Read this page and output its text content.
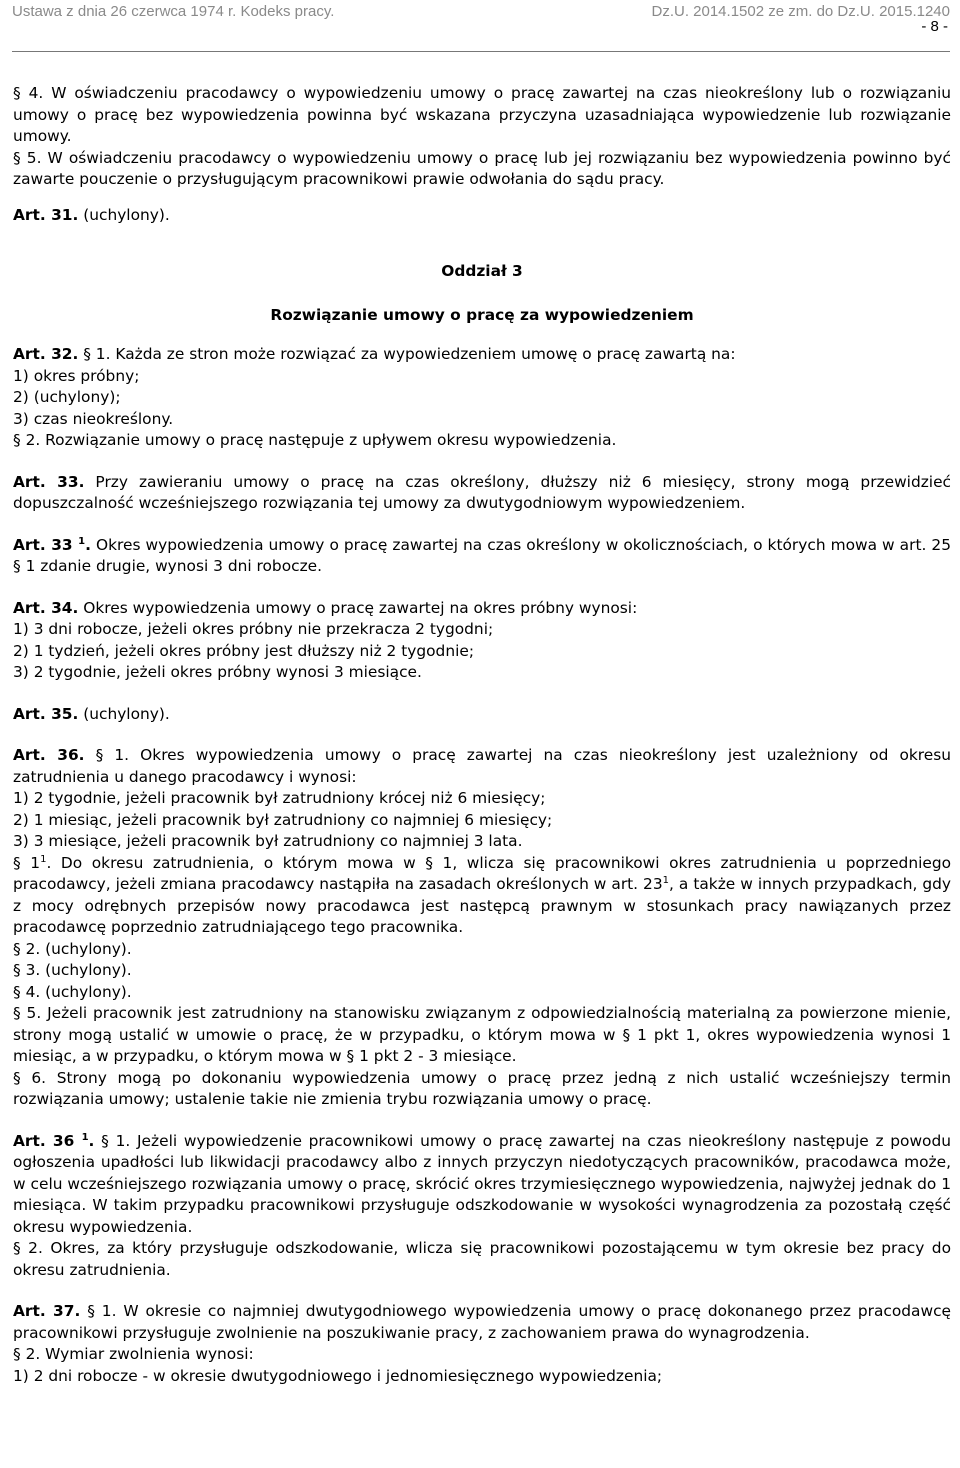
Ustawa z dnia 26 czerwca 1974 r. Kodeks pracy.	Dz.U. 2014.1502 ze zm. do Dz.U. 2015.1240
- 8 -

§ 4. W oświadczeniu pracodawcy o wypowiedzeniu umowy o pracę zawartej na czas nieokreślony lub o rozwiązaniu umowy o pracę bez wypowiedzenia powinna być wskazana przyczyna uzasadniająca wypowiedzenie lub rozwiązanie umowy.

§ 5. W oświadczeniu pracodawcy o wypowiedzeniu umowy o pracę lub jej rozwiązaniu bez wypowiedzenia powinno być zawarte pouczenie o przysługującym pracownikowi prawie odwołania do sądu pracy.

Art. 31. (uchylony).

Oddział 3

Rozwiązanie umowy o pracę za wypowiedzeniem

Art. 32. § 1. Każda ze stron może rozwiązać za wypowiedzeniem umowę o pracę zawartą na:

1) okres próbny;

2) (uchylony);

3) czas nieokreślony.

§ 2. Rozwiązanie umowy o pracę następuje z upływem okresu wypowiedzenia.

Art. 33. Przy zawieraniu umowy o pracę na czas określony, dłuższy niż 6 miesięcy, strony mogą przewidzieć dopuszczalność wcześniejszego rozwiązania tej umowy za dwutygodniowym wypowiedzeniem.

Art. 33 $^1$. Okres wypowiedzenia umowy o pracę zawartej na czas określony w okolicznościach, o których mowa w art. 25 § 1 zdanie drugie, wynosi 3 dni robocze.

Art. 34. Okres wypowiedzenia umowy o pracę zawartej na okres próbny wynosi:

1) 3 dni robocze, jeżeli okres próbny nie przekracza 2 tygodni;

2) 1 tydzień, jeżeli okres próbny jest dłuższy niż 2 tygodnie;

3) 2 tygodnie, jeżeli okres próbny wynosi 3 miesiące.

Art. 35. (uchylony).

Art. 36. § 1. Okres wypowiedzenia umowy o pracę zawartej na czas nieokreślony jest uzależniony od okresu zatrudnienia u danego pracodawcy i wynosi:

1) 2 tygodnie, jeżeli pracownik był zatrudniony krócej niż 6 miesięcy;

2) 1 miesiąc, jeżeli pracownik był zatrudniony co najmniej 6 miesięcy;

3) 3 miesiące, jeżeli pracownik był zatrudniony co najmniej 3 lata.

§ $1^1$. Do okresu zatrudnienia, o którym mowa w § 1, wlicza się pracownikowi okres zatrudnienia u poprzedniego pracodawcy, jeżeli zmiana pracodawcy nastąpiła na zasadach określonych w art. $23^1$, a także w innych przypadkach, gdy z mocy odrębnych przepisów nowy pracodawca jest następcą prawnym w stosunkach pracy nawiązanych przez pracodawcę poprzednio zatrudniającego tego pracownika.

§ 2. (uchylony).

§ 3. (uchylony).

§ 4. (uchylony).

§ 5. Jeżeli pracownik jest zatrudniony na stanowisku związanym z odpowiedzialnością materialną za powierzone mienie, strony mogą ustalić w umowie o pracę, że w przypadku, o którym mowa w § 1 pkt 1, okres wypowiedzenia wynosi 1 miesiąc, a w przypadku, o którym mowa w § 1 pkt 2 - 3 miesiące.

§ 6. Strony mogą po dokonaniu wypowiedzenia umowy o pracę przez jedną z nich ustalić wcześniejszy termin rozwiązania umowy; ustalenie takie nie zmienia trybu rozwiązania umowy o pracę.

Art. 36 $^1$. § 1. Jeżeli wypowiedzenie pracownikowi umowy o pracę zawartej na czas nieokreślony następuje z powodu ogłoszenia upadłości lub likwidacji pracodawcy albo z innych przyczyn niedotyczących pracowników, pracodawca może, w celu wcześniejszego rozwiązania umowy o pracę, skrócić okres trzymiesięcznego wypowiedzenia, najwyżej jednak do 1 miesiąca. W takim przypadku pracownikowi przysługuje odszkodowanie w wysokości wynagrodzenia za pozostałą część okresu wypowiedzenia.

§ 2. Okres, za który przysługuje odszkodowanie, wlicza się pracownikowi pozostającemu w tym okresie bez pracy do okresu zatrudnienia.

Art. 37. § 1. W okresie co najmniej dwutygodniowego wypowiedzenia umowy o pracę dokonanego przez pracodawcę pracownikowi przysługuje zwolnienie na poszukiwanie pracy, z zachowaniem prawa do wynagrodzenia.

§ 2. Wymiar zwolnienia wynosi:

1) 2 dni robocze - w okresie dwutygodniowego i jednomiesięcznego wypowiedzenia;
